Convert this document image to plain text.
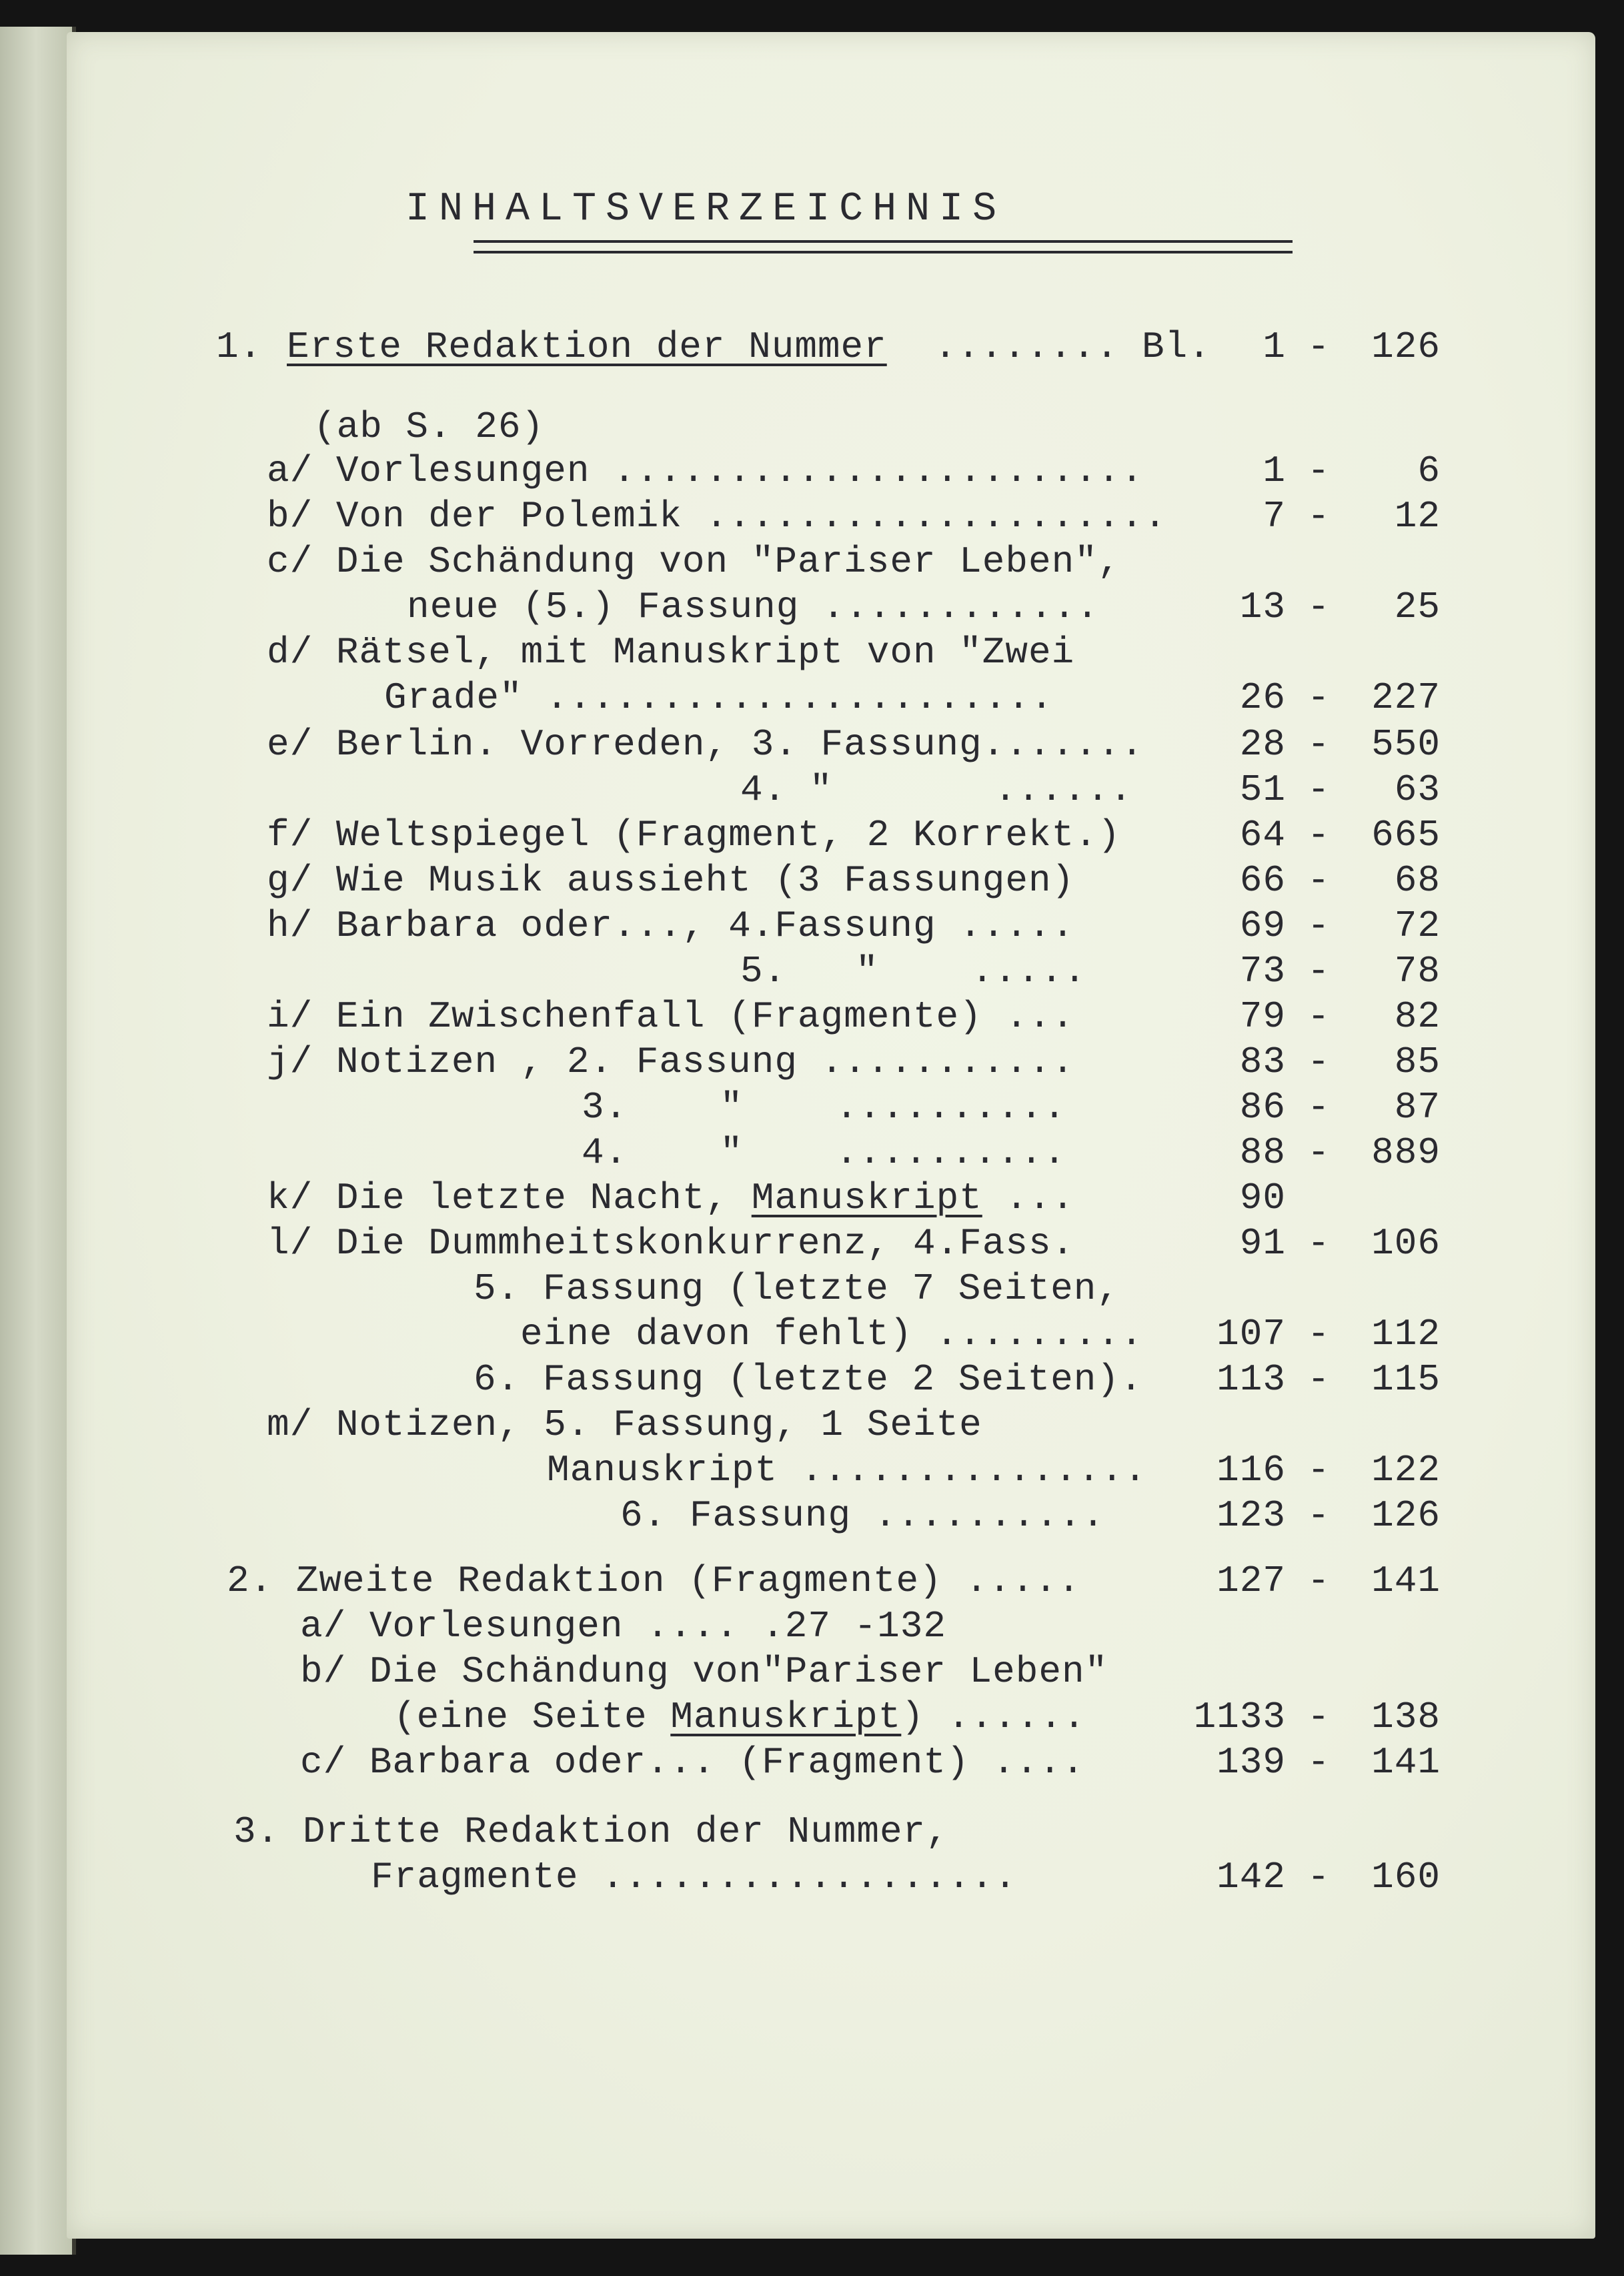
INHALTSVERZEICHNIS
1. Erste Redaktion der Nummer ........ Bl.	1 -	126
(ab S. 26)
a/ Vorlesungen .......................	1 -	6
b/ Von der Polemik ....................	7 -	12
c/ Die Schändung von "Pariser Leben",
neue (5.) Fassung ............	13 -	25
d/ Rätsel, mit Manuskript von "Zwei
Grade" ......................	26 -	227
e/ Berlin. Vorreden, 3. Fassung.......	28 -	550
4. "       ......	51 -	63
f/ Weltspiegel (Fragment, 2 Korrekt.)	64 -	665
g/ Wie Musik aussieht (3 Fassungen)	66 -	68
h/ Barbara oder..., 4.Fassung .....	69 -	72
5.   "    .....	73 -	78
i/ Ein Zwischenfall (Fragmente) ...	79 -	82
j/ Notizen , 2. Fassung ...........	83 -	85
3.    "    ..........	86 -	87
4.    "    ..........	88 -	889
k/ Die letzte Nacht, Manuskript ...	90
l/ Die Dummheitskonkurrenz, 4.Fass.	91 -	106
5. Fassung (letzte 7 Seiten,
eine davon fehlt) ......... 107 -	112
6. Fassung (letzte 2 Seiten). 113 -	115
m/ Notizen, 5. Fassung, 1 Seite
Manuskript ............... 116 -	122
6. Fassung ..........	123 -	126
2. Zweite Redaktion (Fragmente) .....	127 -	141
a/ Vorlesungen .... .27 -132
b/ Die Schändung von"Pariser Leben"
(eine Seite Manuskript) ......	1133 -	138
c/ Barbara oder... (Fragment) ....	139 -	141
3. Dritte Redaktion der Nummer,
Fragmente ..................	142 -	160
